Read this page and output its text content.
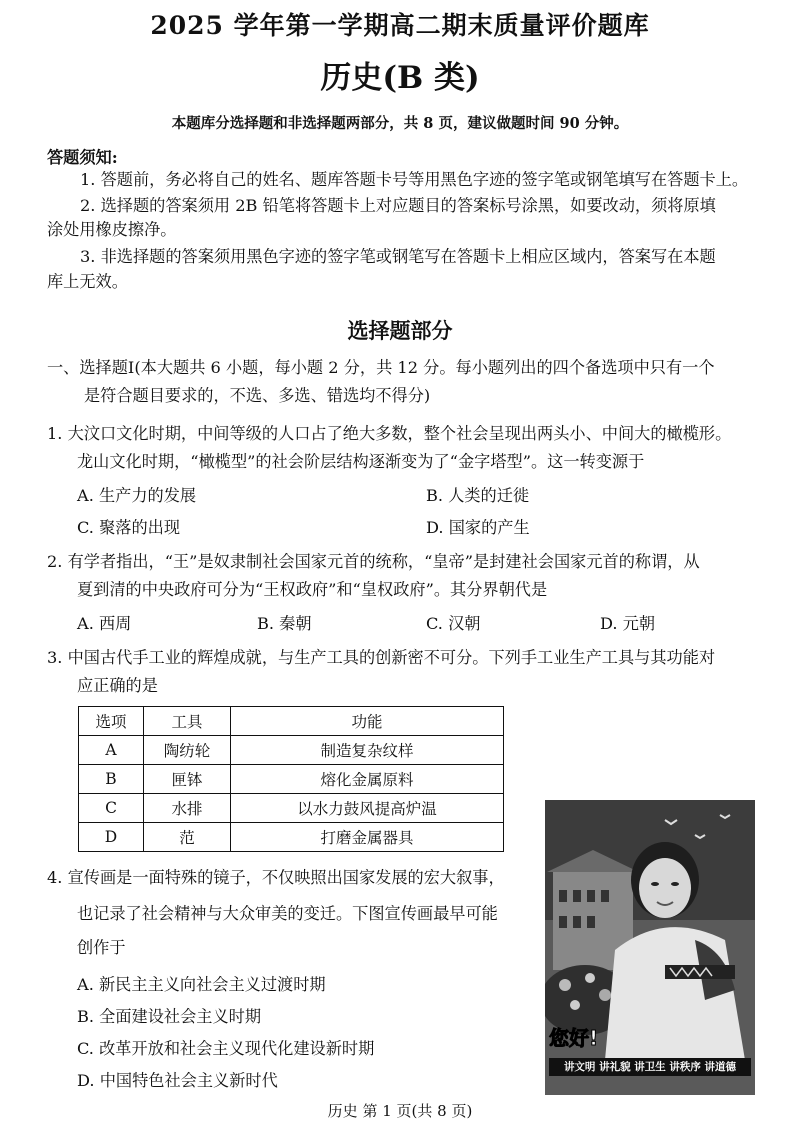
2025 学年第一学期高二期末质量评价题库
历史(B 类)
本题库分选择题和非选择题两部分，共 8 页，建议做题时间 90 分钟。
答题须知:
1. 答题前，务必将自己的姓名、题库答题卡号等用黑色字迹的签字笔或钢笔填写在答题卡上。
2. 选择题的答案须用 2B 铅笔将答题卡上对应题目的答案标号涂黑，如要改动，须将原填
涂处用橡皮擦净。
3. 非选择题的答案须用黑色字迹的签字笔或钢笔写在答题卡上相应区域内，答案写在本题
库上无效。
选择题部分
一、选择题Ⅰ(本大题共 6 小题，每小题 2 分，共 12 分。每小题列出的四个备选项中只有一个
是符合题目要求的，不选、多选、错选均不得分)
1. 大汶口文化时期，中间等级的人口占了绝大多数，整个社会呈现出两头小、中间大的橄榄形。
龙山文化时期，“橄榄型”的社会阶层结构逐渐变为了“金字塔型”。这一转变源于
A. 生产力的发展	B. 人类的迁徙
C. 聚落的出现	D. 国家的产生
2. 有学者指出，“王”是奴隶制社会国家元首的统称，“皇帝”是封建社会国家元首的称谓，从
夏到清的中央政府可分为“王权政府”和“皇权政府”。其分界朝代是
A. 西周	B. 秦朝	C. 汉朝	D. 元朝
3. 中国古代手工业的辉煌成就，与生产工具的创新密不可分。下列手工业生产工具与其功能对
应正确的是
选项	工具	功能
A	陶纺轮	制造复杂纹样
B	匣钵	熔化金属原料
C	水排	以水力鼓风提高炉温
D	范	打磨金属器具
4. 宣传画是一面特殊的镜子，不仅映照出国家发展的宏大叙事，
也记录了社会精神与大众审美的变迁。下图宣传画最早可能
创作于
A. 新民主主义向社会主义过渡时期
B. 全面建设社会主义时期
C. 改革开放和社会主义现代化建设新时期
D. 中国特色社会主义新时代
您好!
讲文明 讲礼貌 讲卫生 讲秩序 讲道德
历史 第 1 页(共 8 页)
